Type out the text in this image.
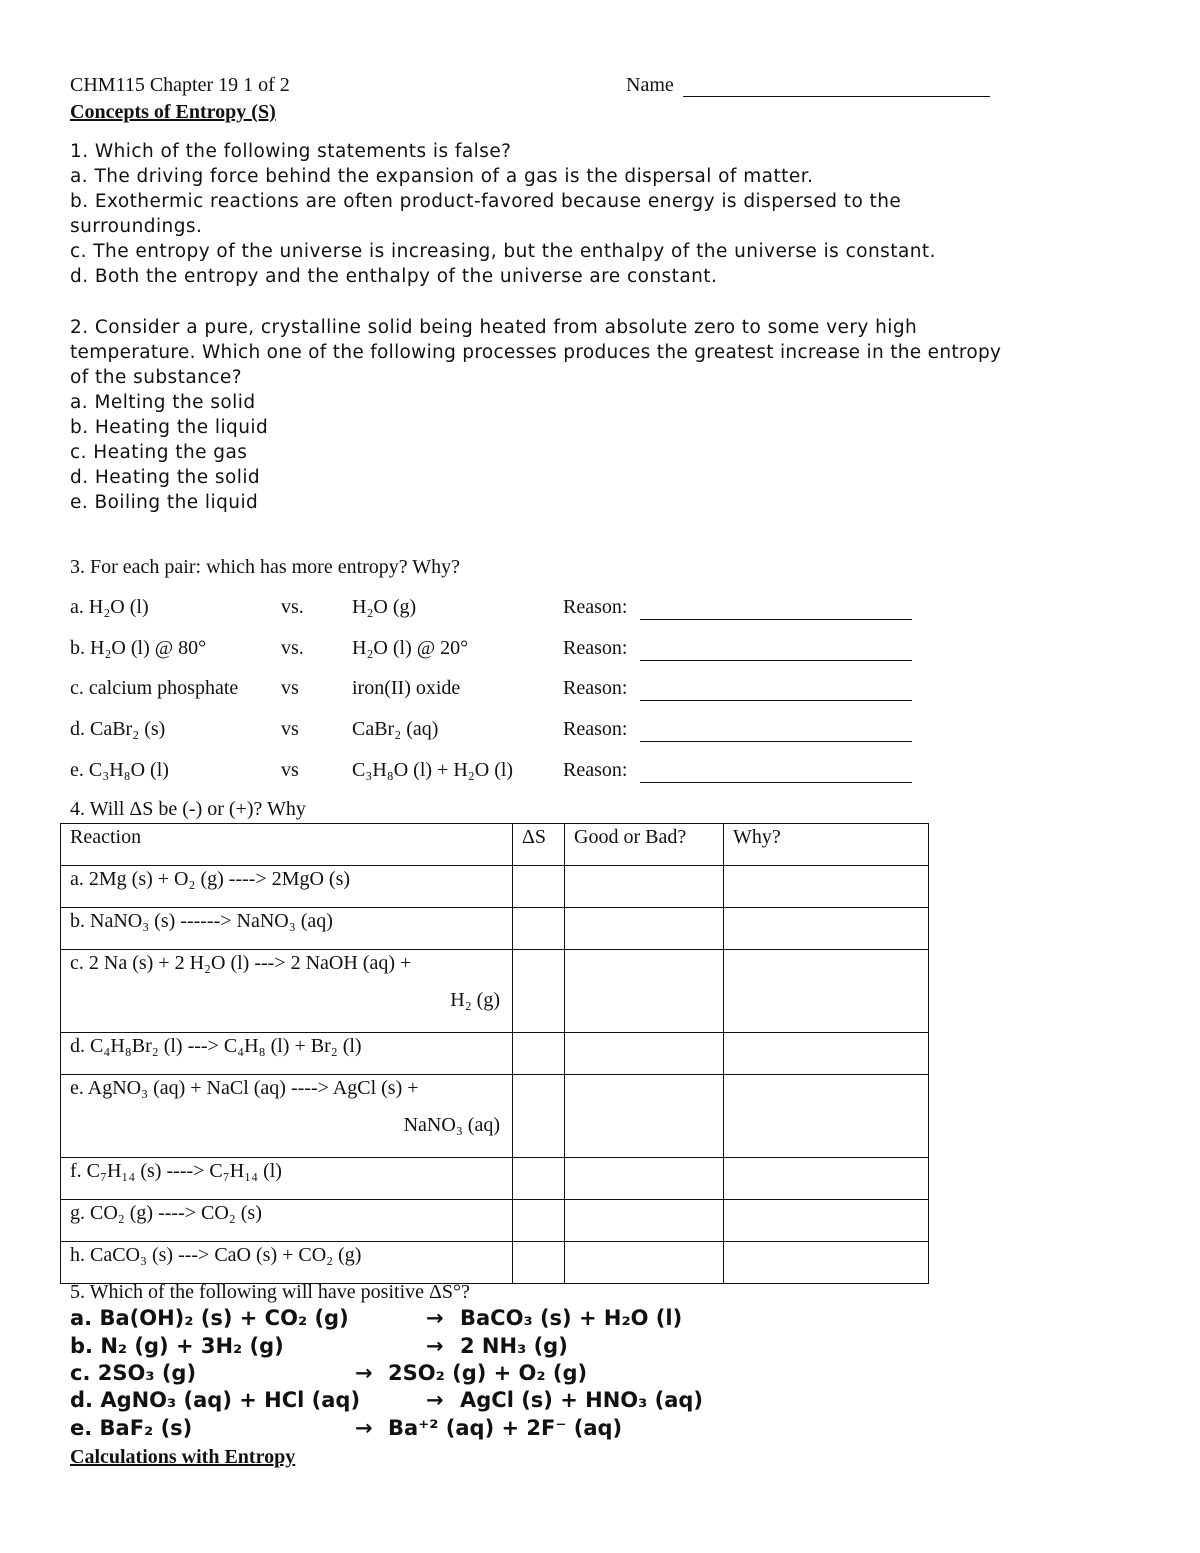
CHM115 Chapter 19 1 of 2	Name
Concepts of Entropy (S)
1. Which of the following statements is false?
a. The driving force behind the expansion of a gas is the dispersal of matter.
b. Exothermic reactions are often product-favored because energy is dispersed to the
surroundings.
c. The entropy of the universe is increasing, but the enthalpy of the universe is constant.
d. Both the entropy and the enthalpy of the universe are constant.
2. Consider a pure, crystalline solid being heated from absolute zero to some very high
temperature. Which one of the following processes produces the greatest increase in the entropy
of the substance?
a. Melting the solid
b. Heating the liquid
c. Heating the gas
d. Heating the solid
e. Boiling the liquid
3. For each pair: which has more entropy? Why?
a. H₂O (l)	vs. H₂O (g)	Reason:
b. H₂O (l) @ 80°	vs. H₂O (l) @ 20°	Reason:
c. calcium phosphate vs	iron(II) oxide	Reason:
d. CaBr₂ (s)	vs	CaBr₂ (aq)	Reason:
e. C₃H₈O (l)	vs	C₃H₈O (l) + H₂O (l) Reason:
4. Will ΔS be (-) or (+)? Why
Reaction	ΔS	Good or Bad?	Why?
a. 2Mg (s) + O₂ (g) ----> 2MgO (s)			
b. NaNO₃ (s) ------> NaNO₃ (aq)			
c. 2 Na (s) + 2 H₂O (l) ---> 2 NaOH (aq) +
H₂ (g)			

d. C₄H₈Br₂ (l) ---> C₄H₈ (l) + Br₂ (l)			
e. AgNO₃ (aq) + NaCl (aq) ----> AgCl (s) +
NaNO₃ (aq)			

f. C₇H₁₄ (s) ----> C₇H₁₄ (l)			
g. CO₂ (g) ----> CO₂ (s)			
h. CaCO₃ (s) ---> CaO (s) + CO₂ (g)			
5. Which of the following will have positive ΔS°?
a. Ba(OH)₂ (s) + CO₂ (g)	→ BaCO₃ (s) + H₂O (l)
b. N₂ (g) + 3H₂ (g)	→ 2 NH₃ (g)
c. 2SO₃ (g)	→ 2SO₂ (g) + O₂ (g)
d. AgNO₃ (aq) + HCl (aq)	→ AgCl (s) + HNO₃ (aq)
e. BaF₂ (s)	→ Ba⁺² (aq) + 2F⁻ (aq)
Calculations with Entropy
